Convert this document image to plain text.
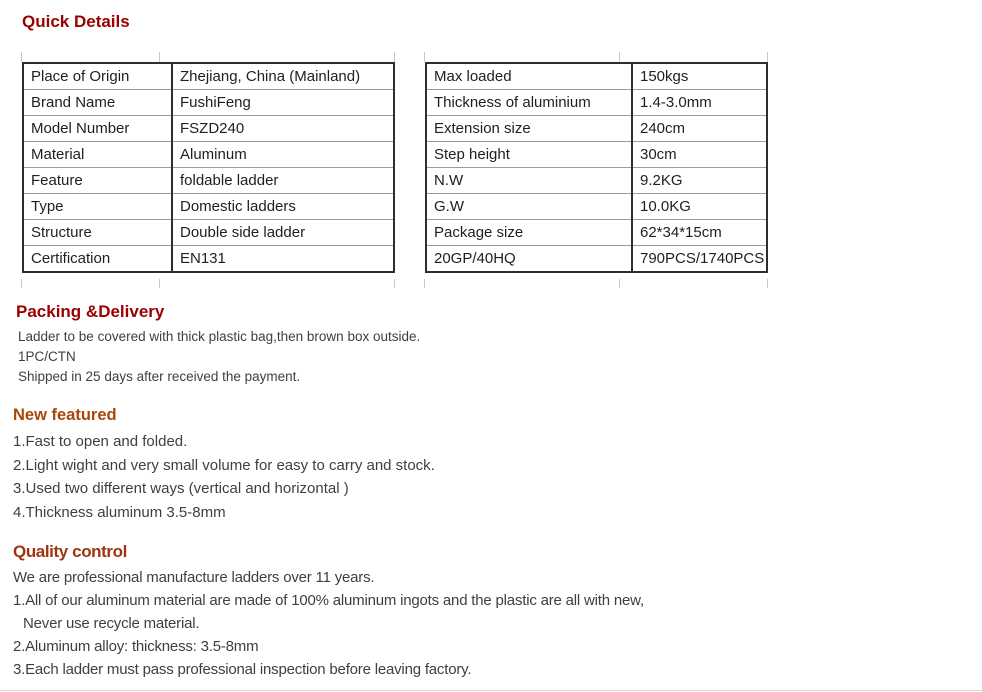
Quick Details
Place of Origin	Zhejiang, China (Mainland)
Brand Name	FushiFeng
Model Number	FSZD240
Material	Aluminum
Feature	foldable ladder
Type	Domestic ladders
Structure	Double side ladder
Certification	EN131
Max loaded	150kgs
Thickness of aluminium	1.4-3.0mm
Extension size	240cm
Step height	30cm
N.W	9.2KG
G.W	10.0KG
Package size	62*34*15cm
20GP/40HQ	790PCS/1740PCS
Packing &Delivery
Ladder to be covered with thick plastic bag,then brown box outside.
1PC/CTN
Shipped in 25 days after received the payment.
New featured
1.Fast to open and folded.
2.Light wight and very small volume for easy to carry and stock.
3.Used two different ways (vertical and horizontal )
4.Thickness aluminum 3.5-8mm
Quality control
We are professional manufacture ladders over 11 years.
1.All of our aluminum material are made of 100% aluminum ingots and the plastic are all with new,
Never use recycle material.
2.Aluminum alloy: thickness: 3.5-8mm
3.Each ladder must pass professional inspection before leaving factory.
